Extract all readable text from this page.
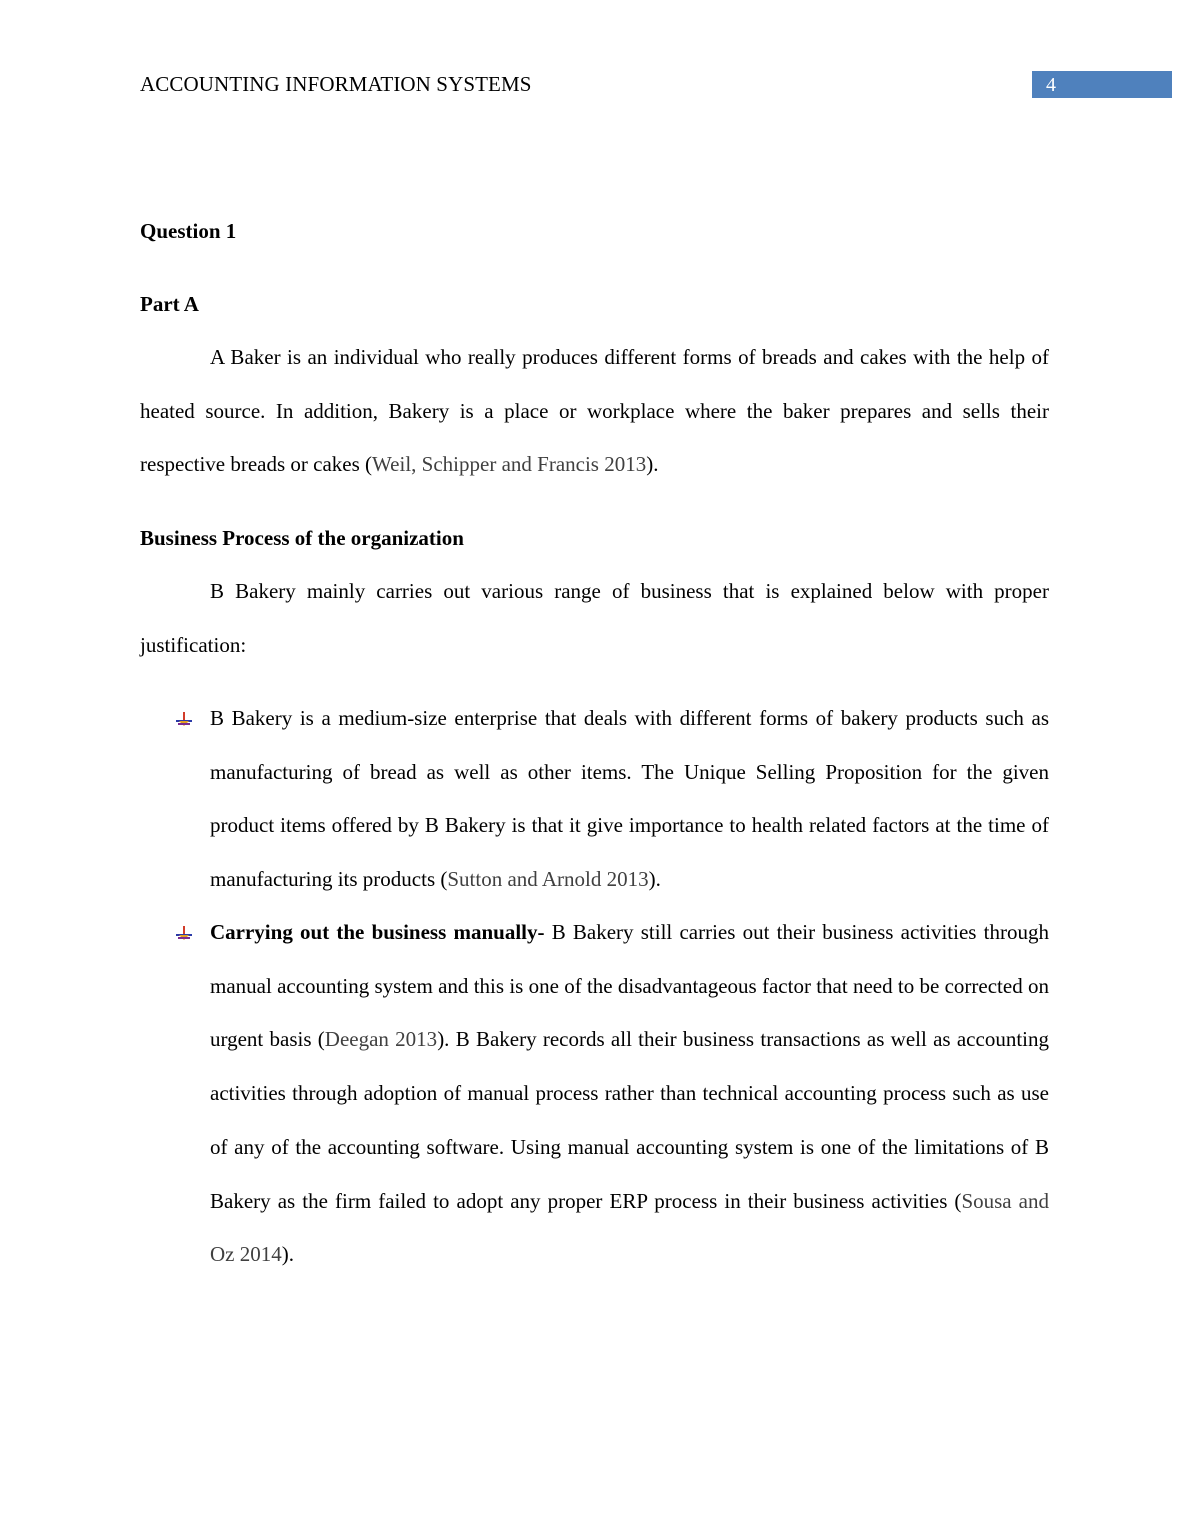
ACCOUNTING INFORMATION SYSTEMS	4
Question 1
Part A
A Baker is an individual who really produces different forms of breads and cakes with the help of heated source. In addition, Bakery is a place or workplace where the baker prepares and sells their respective breads or cakes (Weil, Schipper and Francis 2013).
Business Process of the organization
B Bakery mainly carries out various range of business that is explained below with proper justification:
B Bakery is a medium-size enterprise that deals with different forms of bakery products such as manufacturing of bread as well as other items. The Unique Selling Proposition for the given product items offered by B Bakery is that it give importance to health related factors at the time of manufacturing its products (Sutton and Arnold 2013).
Carrying out the business manually- B Bakery still carries out their business activities through manual accounting system and this is one of the disadvantageous factor that need to be corrected on urgent basis (Deegan 2013). B Bakery records all their business transactions as well as accounting activities through adoption of manual process rather than technical accounting process such as use of any of the accounting software. Using manual accounting system is one of the limitations of B Bakery as the firm failed to adopt any proper ERP process in their business activities (Sousa and Oz 2014).
